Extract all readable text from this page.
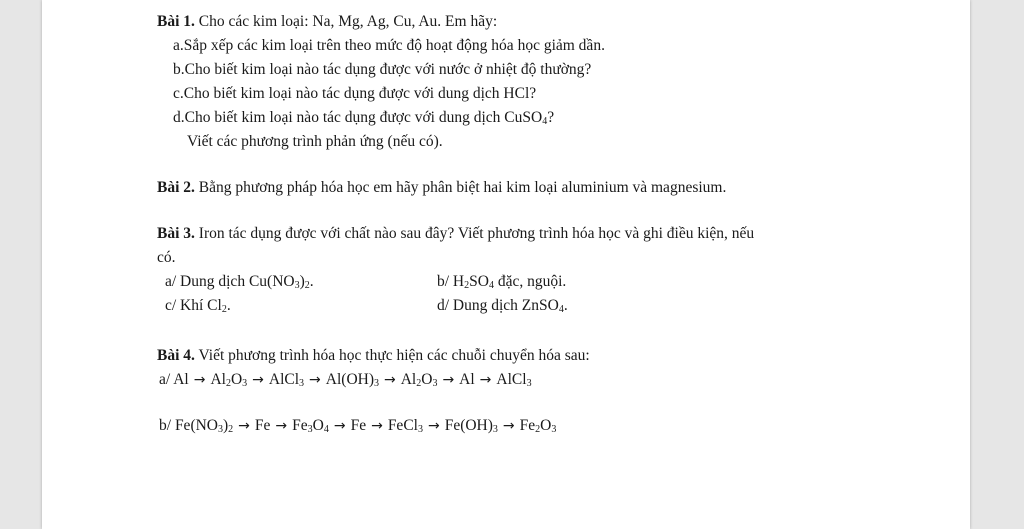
Bài 1. Cho các kim loại: Na, Mg, Ag, Cu, Au. Em hãy:
a.Sắp xếp các kim loại trên theo mức độ hoạt động hóa học giảm dần.
b.Cho biết kim loại nào tác dụng được với nước ở nhiệt độ thường?
c.Cho biết kim loại nào tác dụng được với dung dịch HCl?
d.Cho biết kim loại nào tác dụng được với dung dịch CuSO$_4$?
Viết các phương trình phản ứng (nếu có).
Bài 2. Bằng phương pháp hóa học em hãy phân biệt hai kim loại aluminium và magnesium.
Bài 3. Iron tác dụng được với chất nào sau đây? Viết phương trình hóa học và ghi điều kiện, nếu
có.
a/ Dung dịch $Cu(NO_3)_2$.	b/ $H_2SO_4$ đặc, nguội.
c/ Khí $Cl_2$.	d/ Dung dịch ZnSO$_4$.
Bài 4. Viết phương trình hóa học thực hiện các chuỗi chuyển hóa sau:
a/ $Al \to Al_2O_3$ → AlCl$_3$ → $Al(OH)_3 \to Al_2O_3 \to Al$ → AlCl$_3$
b/ $Fe(NO_3)_2 \to Fe \to Fe_3O_4 \to Fe$ → FeCl$_3$ → $Fe(OH)_3 \to Fe_2O_3$
